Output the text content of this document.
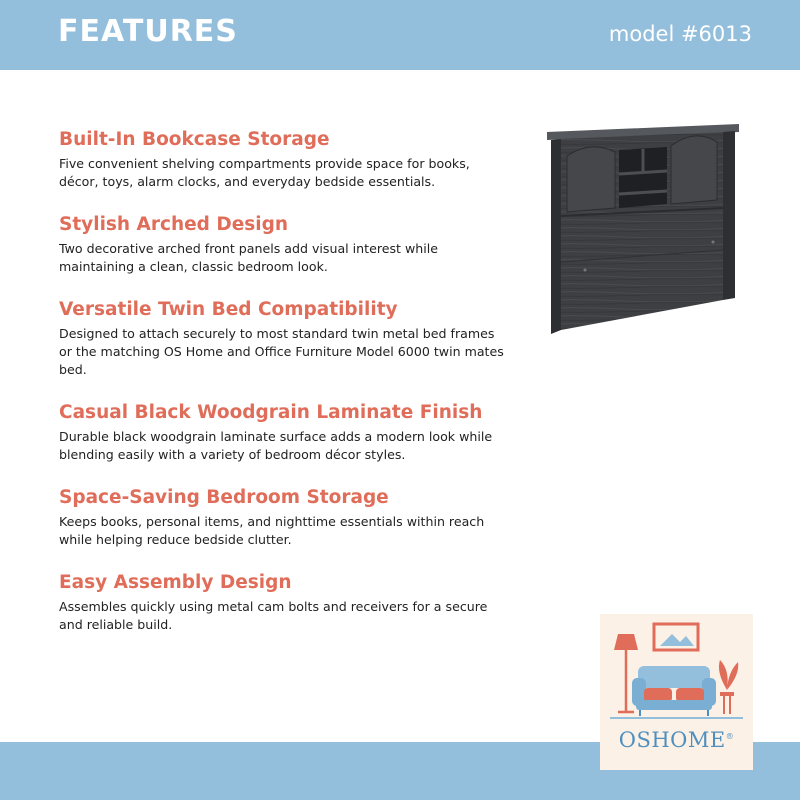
FEATURES	model #6013
Built-In Bookcase Storage
Five convenient shelving compartments provide space for books,
décor, toys, alarm clocks, and everyday bedside essentials.
Stylish Arched Design
Two decorative arched front panels add visual interest while
maintaining a clean, classic bedroom look.
Versatile Twin Bed Compatibility
Designed to attach securely to most standard twin metal bed frames
or the matching OS Home and Office Furniture Model 6000 twin mates
bed.
Casual Black Woodgrain Laminate Finish
Durable black woodgrain laminate surface adds a modern look while
blending easily with a variety of bedroom décor styles.
Space-Saving Bedroom Storage
Keeps books, personal items, and nighttime essentials within reach
while helping reduce bedside clutter.
Easy Assembly Design
Assembles quickly using metal cam bolts and receivers for a secure
and reliable build.
OSHOME®
